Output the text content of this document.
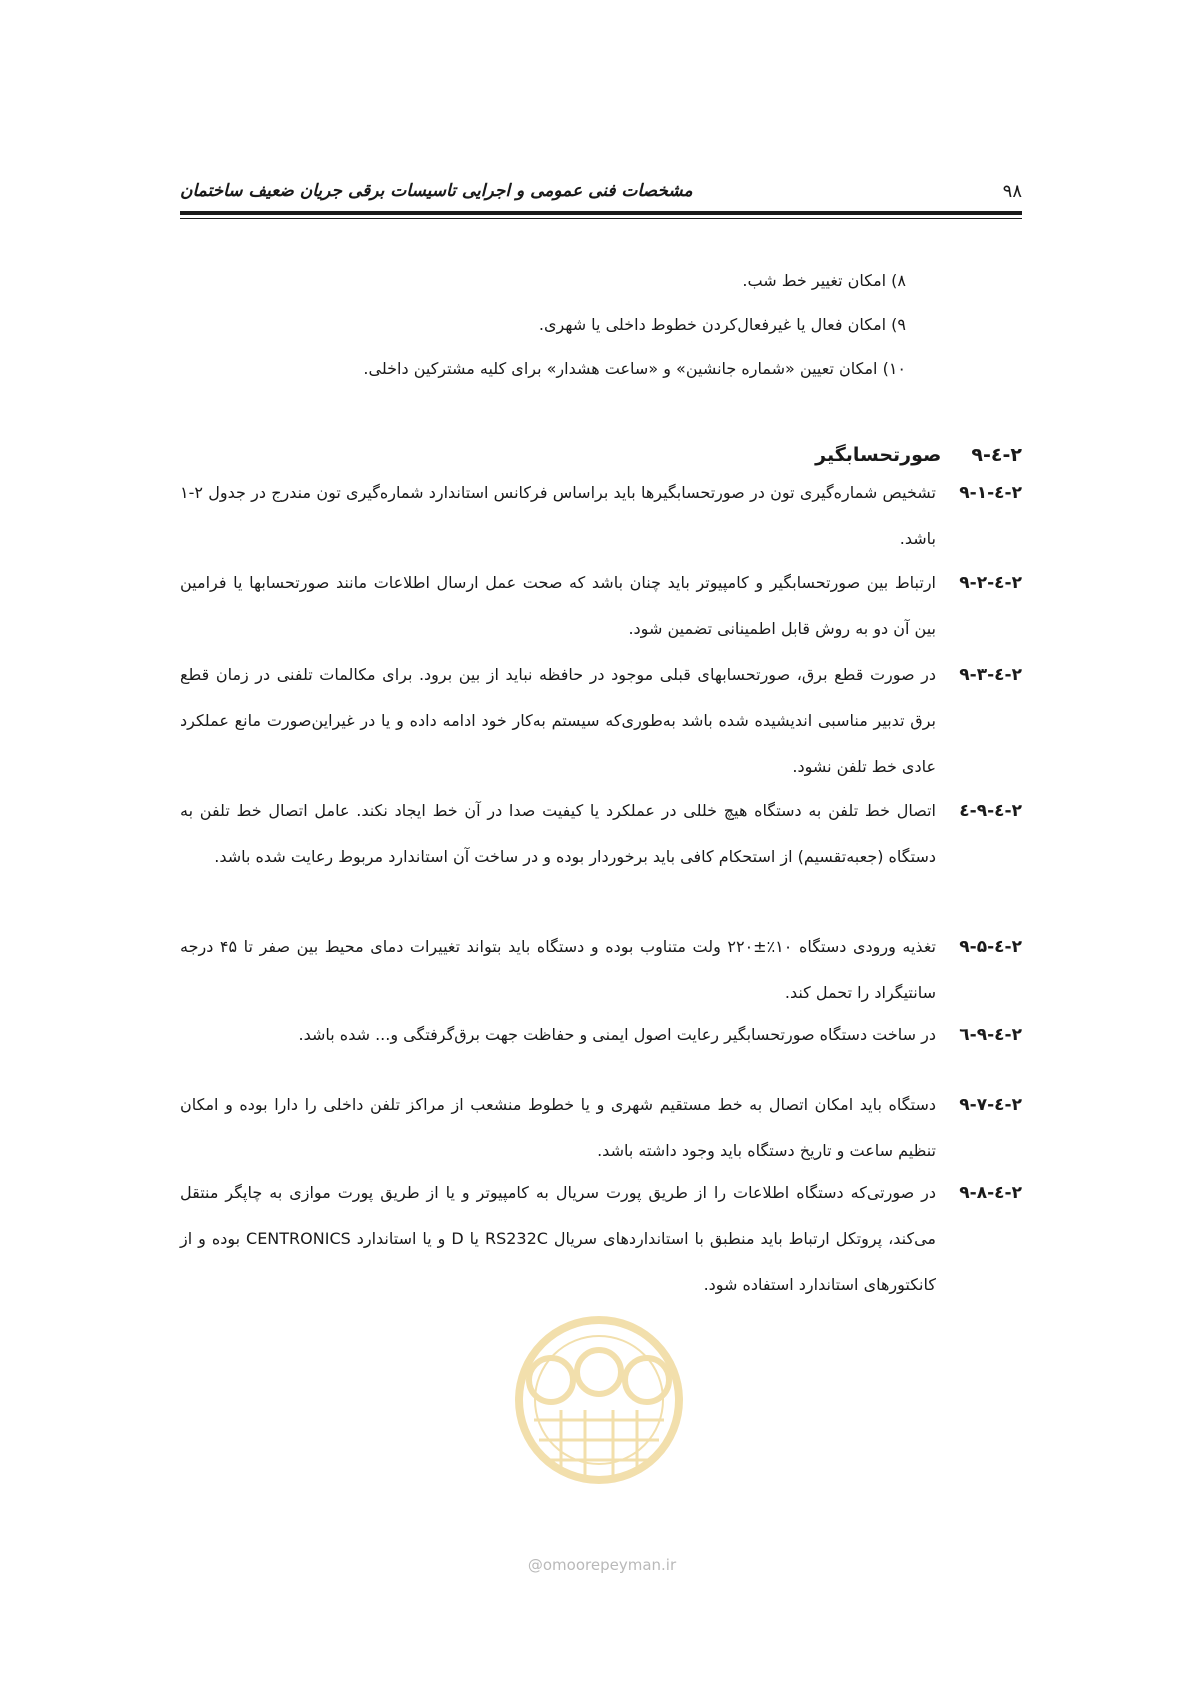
۹۸
مشخصات فنی عمومی و اجرایی تاسیسات برقی جریان ضعیف ساختمان
۸) امکان تغییر خط شب.
۹) امکان فعال یا غیرفعال‌کردن خطوط داخلی یا شهری.
۱۰) امکان تعیین «شماره جانشین» و «ساعت هشدار» برای کلیه مشترکین داخلی.
۲-٤-۹
صورتحسابگیر
۲-٤-۹-۱
تشخیص شماره‌گیری تون در صورتحسابگیرها باید براساس فرکانس استاندارد شماره‌گیری تون مندرج در جدول ۲-۱ باشد.
۲-٤-۹-۲
ارتباط بین صورتحسابگیر و کامپیوتر باید چنان باشد که صحت عمل ارسال اطلاعات مانند صورتحسابها یا فرامین بین آن دو به روش قابل اطمینانی تضمین شود.
۲-٤-۹-۳
در صورت قطع برق، صورتحسابهای قبلی موجود در حافظه نباید از بین برود. برای مکالمات تلفنی در زمان قطع برق تدبیر مناسبی اندیشیده شده باشد به‌طوری‌که سیستم به‌کار خود ادامه داده و یا در غیراین‌صورت مانع عملکرد عادی خط تلفن نشود.
۲-٤-۹-٤
اتصال خط تلفن به دستگاه هیچ خللی در عملکرد یا کیفیت صدا در آن خط ایجاد نکند. عامل اتصال خط تلفن به دستگاه (جعبه‌تقسیم) از استحکام کافی باید برخوردار بوده و در ساخت آن استاندارد مربوط رعایت شده باشد.
۲-٤-۹-۵
تغذیه ورودی دستگاه ۱۰٪±۲۲۰ ولت متناوب بوده و دستگاه باید بتواند تغییرات دمای محیط بین صفر تا ۴۵ درجه سانتیگراد را تحمل کند.
۲-٤-۹-٦
در ساخت دستگاه صورتحسابگیر رعایت اصول ایمنی و حفاظت جهت برق‌گرفتگی و... شده باشد.
۲-٤-۹-۷
دستگاه باید امکان اتصال به خط مستقیم شهری و یا خطوط منشعب از مراکز تلفن داخلی را دارا بوده و امکان تنظیم ساعت و تاریخ دستگاه باید وجود داشته باشد.
۲-٤-۹-۸
در صورتی‌که دستگاه اطلاعات را از طریق پورت سریال به کامپیوتر و یا از طریق پورت موازی به چاپگر منتقل می‌کند، پروتکل ارتباط باید منطبق با استانداردهای سریال RS232C یا D و یا استاندارد CENTRONICS بوده و از کانکتورهای استاندارد استفاده شود.
@omoorepeyman.ir
